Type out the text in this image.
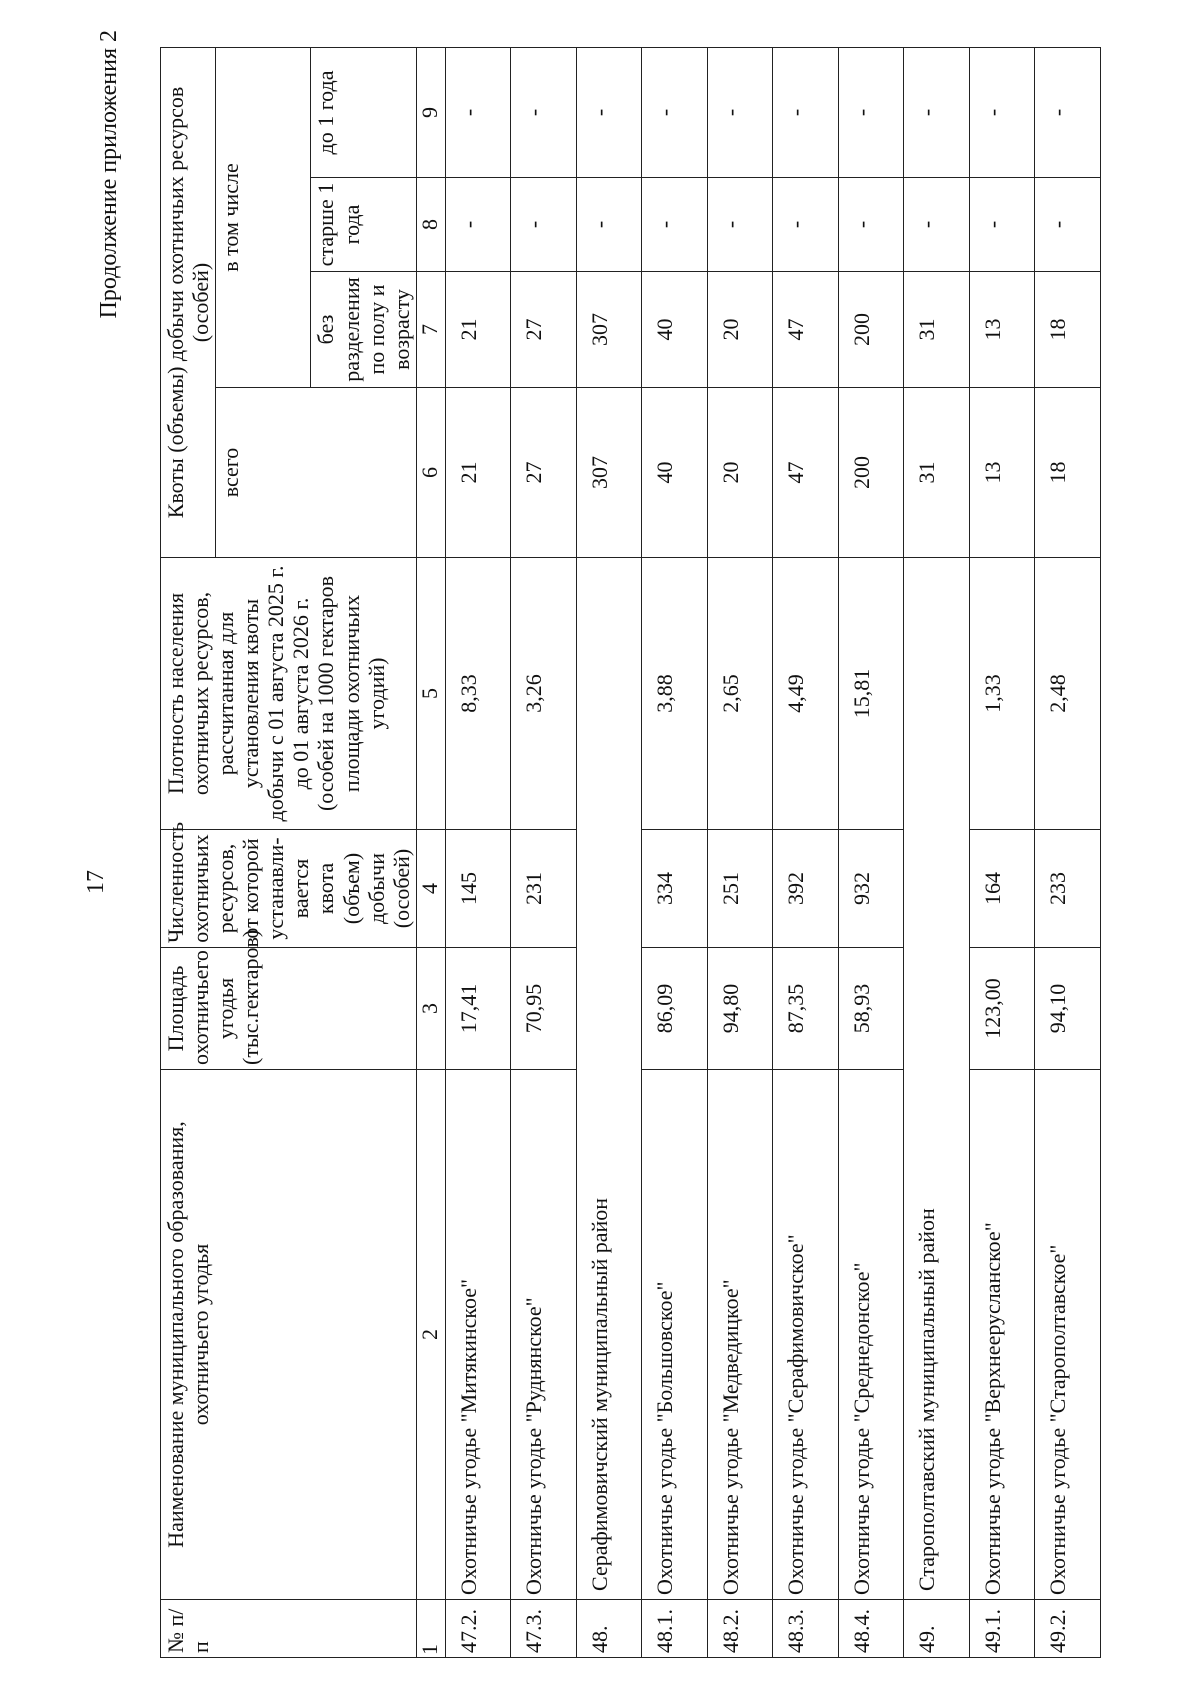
17
Продолжение приложения 2
№ п/п	Наименование муниципального образования, охотничьего угодья	Площадь охотничьего угодья (тыс.гектаров)	Численность охотничьих ресурсов, от которой устанавли-вается квота (объем) добычи (особей)	Плотность населения охотничьих ресурсов, рассчитанная для установления квоты добычи с 01 августа 2025 г. до 01 августа 2026 г. (особей на 1000 гектаров площади охотничьих угодий)	Квоты (объемы) добычи охотничьих ресурсов (особей)			
					всего	в том числе		
						без разделения по полу и возрасту	старше 1 года	до 1 года
1	2	3	4	5	6	7	8	9
47.2.	Охотничье угодье "Митякинское"	17,41	145	8,33	21	21	-	-
47.3.	Охотничье угодье "Руднянское"	70,95	231	3,26	27	27	-	-
48.	Серафимовичский муниципальный район				307	307	-	-
48.1.	Охотничье угодье "Большовское"	86,09	334	3,88	40	40	-	-
48.2.	Охотничье угодье "Медведицкое"	94,80	251	2,65	20	20	-	-
48.3.	Охотничье угодье "Серафимовичское"	87,35	392	4,49	47	47	-	-
48.4.	Охотничье угодье "Среднедонское"	58,93	932	15,81	200	200	-	-
49.	Старополтавский муниципальный район				31	31	-	-
49.1.	Охотничье угодье "Верхнеерусланское"	123,00	164	1,33	13	13	-	-
49.2.	Охотничье угодье "Старополтавское"	94,10	233	2,48	18	18	-	-
